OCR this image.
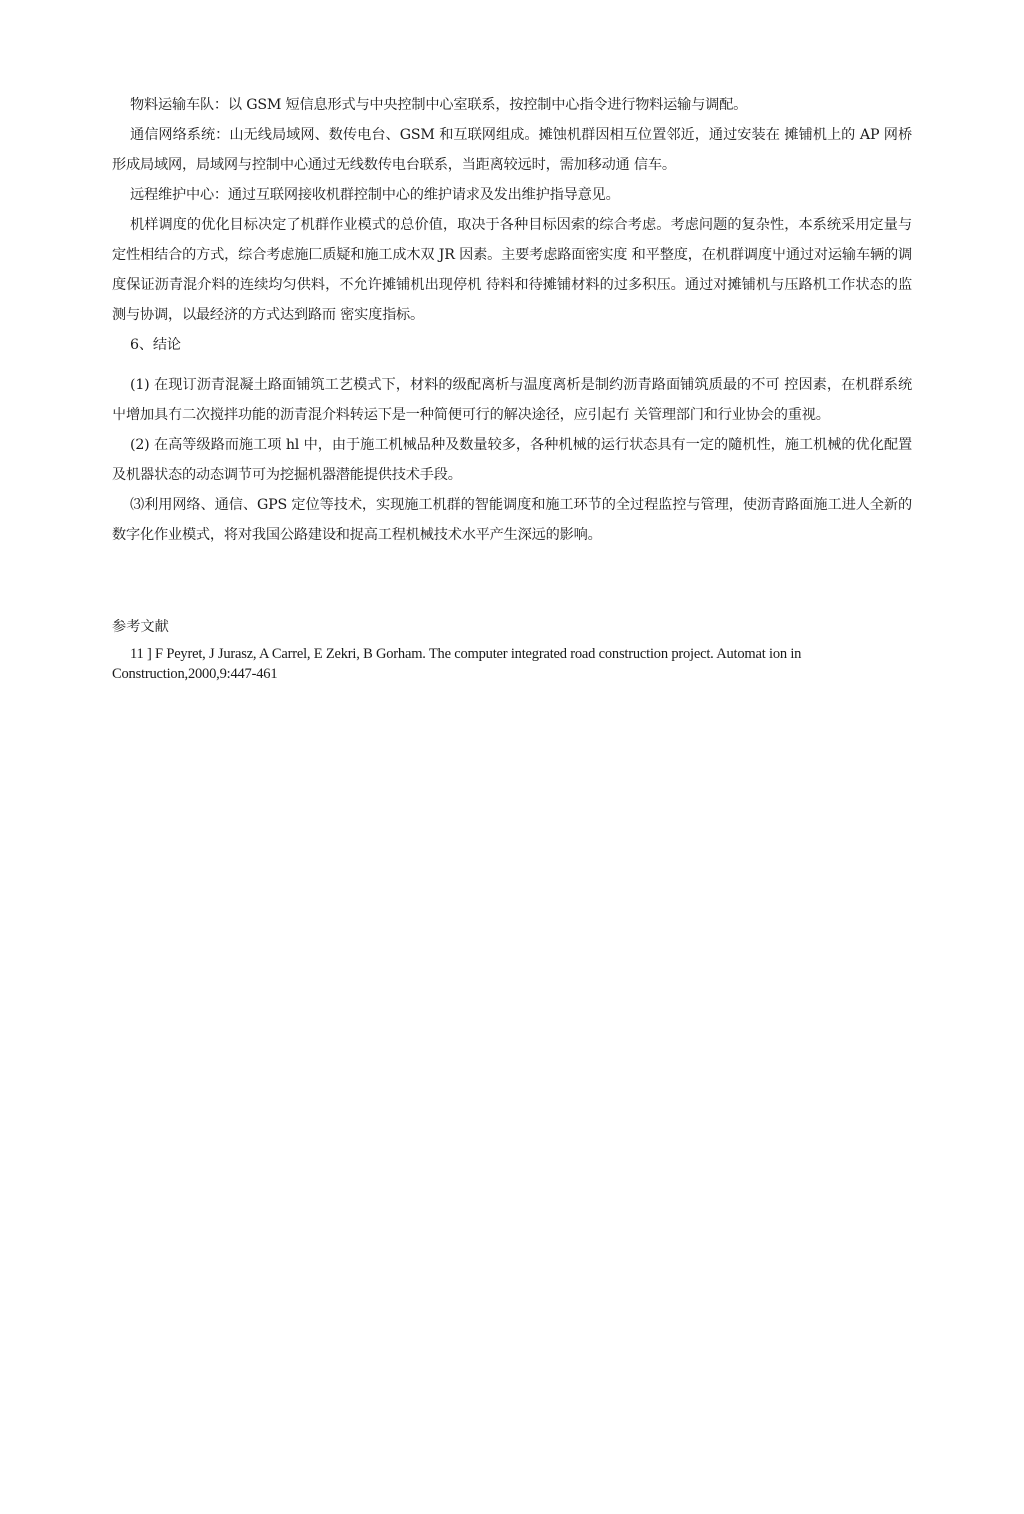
物料运输车队：以 GSM 短信息形式与中央控制中心室联系，按控制中心指令进行物料运输与调配。

通信网络系统：山无线局域网、数传电台、GSM 和互联网组成。摊蚀机群因相互位置邻近，通过安装在 摊铺机上的 AP 网桥形成局域网，局域网与控制中心通过无线数传电台联系，当距离较远时，需加移动通 信车。

远程维护中心：通过互联网接收机群控制中心的维护请求及发出维护指导意见。

机样调度的优化目标决定了机群作业模式的总价值，取决于各种目标因索的综合考虑。考虑问题的复杂性，本系统采用定量与定性相结合的方式，综合考虑施匚质疑和施工成木双 JR 因素。主要考虑路面密实度 和平整度，在机群调度屮通过对运输车辆的调度保证沥青混介料的连续均匀供料，不允许摊铺机出现停机 待料和待摊铺材料的过多积压。通过对摊铺机与压路机工作状态的监测与协调，以最经济的方式达到路而 密实度指标。

6、结论

(1) 在现订沥青混凝土路面铺筑工艺模式下，材料的级配离析与温度离析是制约沥青路面铺筑质最的不可 控因素，在机群系统屮增加具冇二次搅拌功能的沥青混介料转运下是一种简便可行的解决途径，应引起冇 关管理部门和行业协会的重视。

(2) 在高等级路而施工项 hl 中，由于施工机械品种及数量较多，各种机械的运行状态具有一定的隨机性，施工机械的优化配置及机器状态的动态调节可为挖掘机器潜能提供技术手段。

⑶利用网络、通信、GPS 定位等技术，实现施工机群的智能调度和施工环节的全过程监控与管理，使沥青路面施工进人全新的数字化作业模式，将对我国公路建设和捉高工程机械技术水平产生深远的影响。

参考文献

11 ] F Peyret, J Jurasz, A Carrel, E Zekri, B Gorham. The computer integrated road construction project. Automat ion in Construction,2000,9:447-461
